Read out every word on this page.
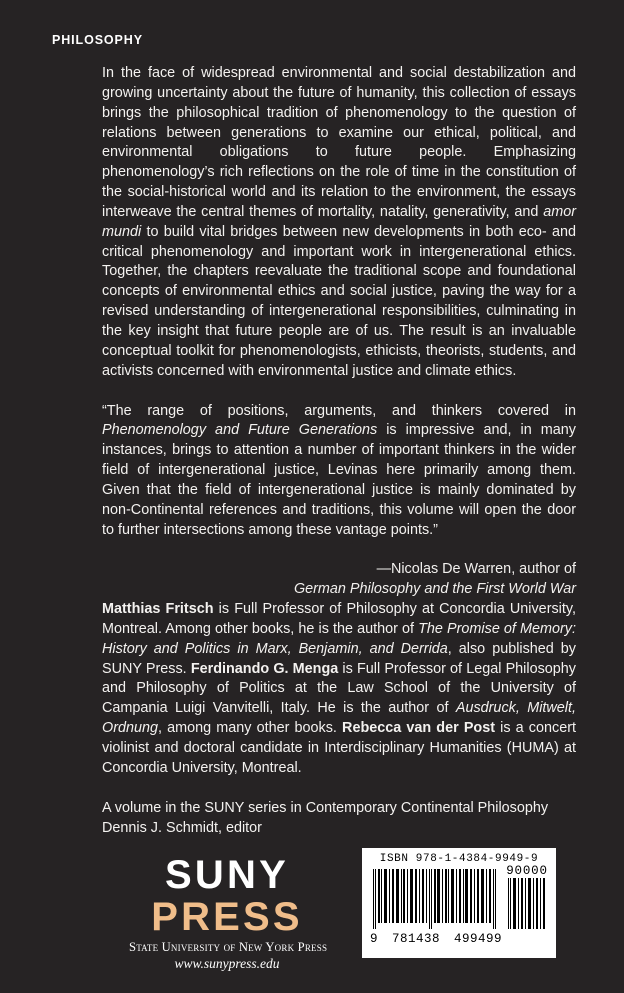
PHILOSOPHY

In the face of widespread environmental and social destabilization and growing uncertainty about the future of humanity, this collection of essays brings the philosophical tradition of phenomenology to the question of relations between generations to examine our ethical, political, and environmental obligations to future people. Emphasizing phenomenology’s rich reflections on the role of time in the constitution of the social-historical world and its relation to the environment, the essays interweave the central themes of mortality, natality, generativity, and amor mundi to build vital bridges between new developments in both eco- and critical phenomenology and important work in intergenerational ethics. Together, the chapters reevaluate the traditional scope and foundational concepts of environmental ethics and social justice, paving the way for a revised understanding of intergenerational responsibilities, culminating in the key insight that future people are of us. The result is an invaluable conceptual toolkit for phenomenologists, ethicists, theorists, students, and activists concerned with environmental justice and climate ethics.

“The range of positions, arguments, and thinkers covered in Phenomenology and Future Generations is impressive and, in many instances, brings to attention a number of important thinkers in the wider field of intergenerational justice, Levinas here primarily among them. Given that the field of intergenerational justice is mainly dominated by non-Continental references and traditions, this volume will open the door to further intersections among these vantage points.”

—Nicolas De Warren, author of

German Philosophy and the First World War

Matthias Fritsch is Full Professor of Philosophy at Concordia University, Montreal. Among other books, he is the author of The Promise of Memory: History and Politics in Marx, Benjamin, and Derrida, also published by SUNY Press. Ferdinando G. Menga is Full Professor of Legal Philosophy and Philosophy of Politics at the Law School of the University of Campania Luigi Vanvitelli, Italy. He is the author of Ausdruck, Mitwelt, Ordnung, among many other books. Rebecca van der Post is a concert violinist and doctoral candidate in Interdisciplinary Humanities (HUMA) at Concordia University, Montreal.

A volume in the SUNY series in Contemporary Continental Philosophy
Dennis J. Schmidt, editor

SUNY
PRESS
State University of New York Press
www.sunypress.edu
ISBN 978-1-4384-9949-9
90000
9 781438 499499
